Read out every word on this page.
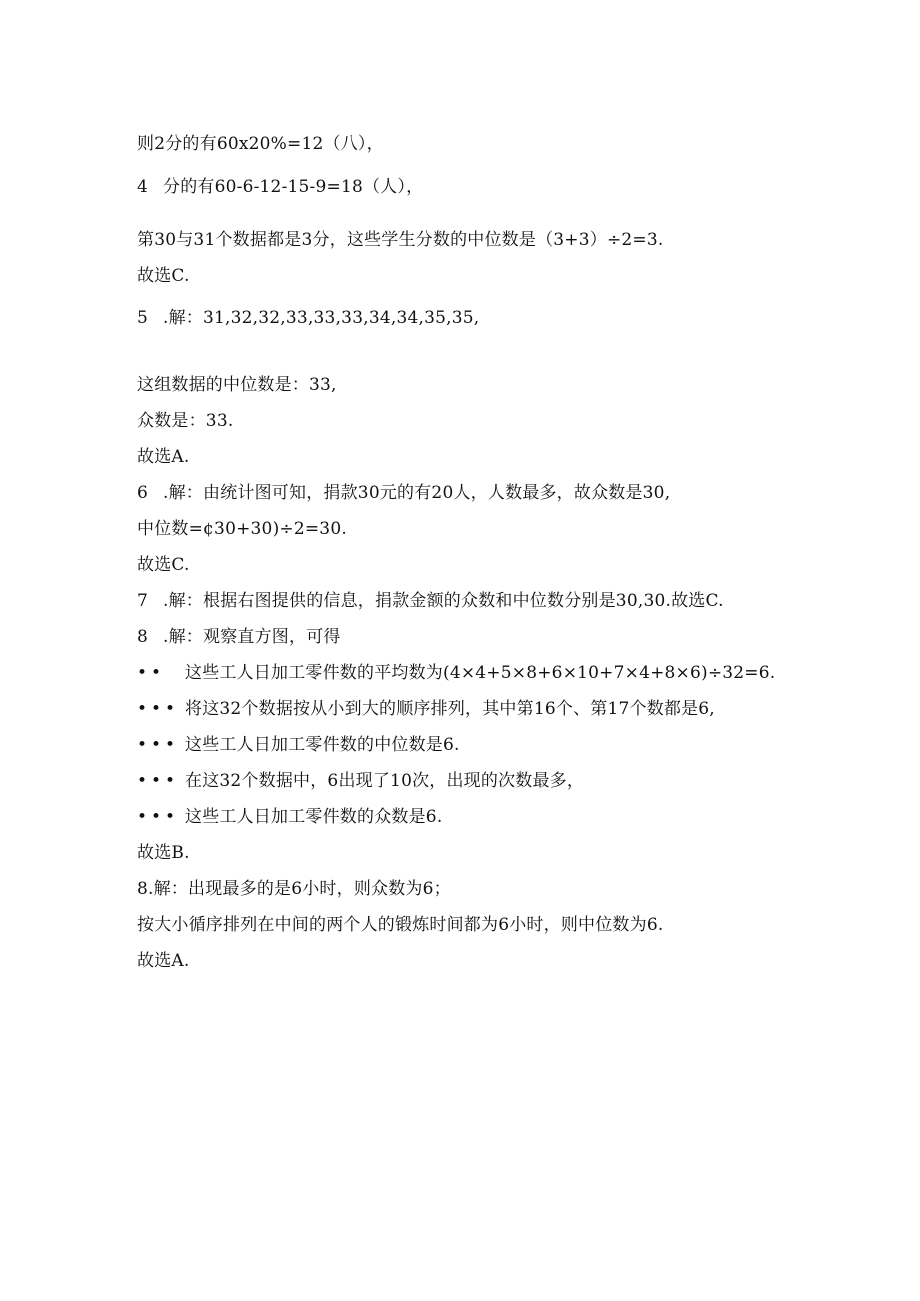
则2分的有60x20%=12（八），
4 分的有60-6-12-15-9=18（人），
第30与31个数据都是3分，这些学生分数的中位数是（3+3）÷2=3.
故选C.
5 .解：31,32,32,33,33,33,34,34,35,35,
这组数据的中位数是：33,
众数是：33.
故选A.
6 .解：由统计图可知，捐款30元的有20人，人数最多，故众数是30,
中位数=¢30+30)÷2=30.
故选C.
7 .解：根据右图提供的信息，捐款金额的众数和中位数分别是30,30.故选C.
8 .解：观察直方图，可得
•• 这些工人日加工零件数的平均数为(4×4+5×8+6×10+7×4+8×6)÷32=6.
••• 将这32个数据按从小到大的顺序排列，其中第16个、第17个数都是6,
••• 这些工人日加工零件数的中位数是6.
••• 在这32个数据中，6出现了10次，出现的次数最多，
••• 这些工人日加工零件数的众数是6.
故选B.
8.解：出现最多的是6小时，则众数为6；
按大小循序排列在中间的两个人的锻炼时间都为6小时，则中位数为6.
故选A.
